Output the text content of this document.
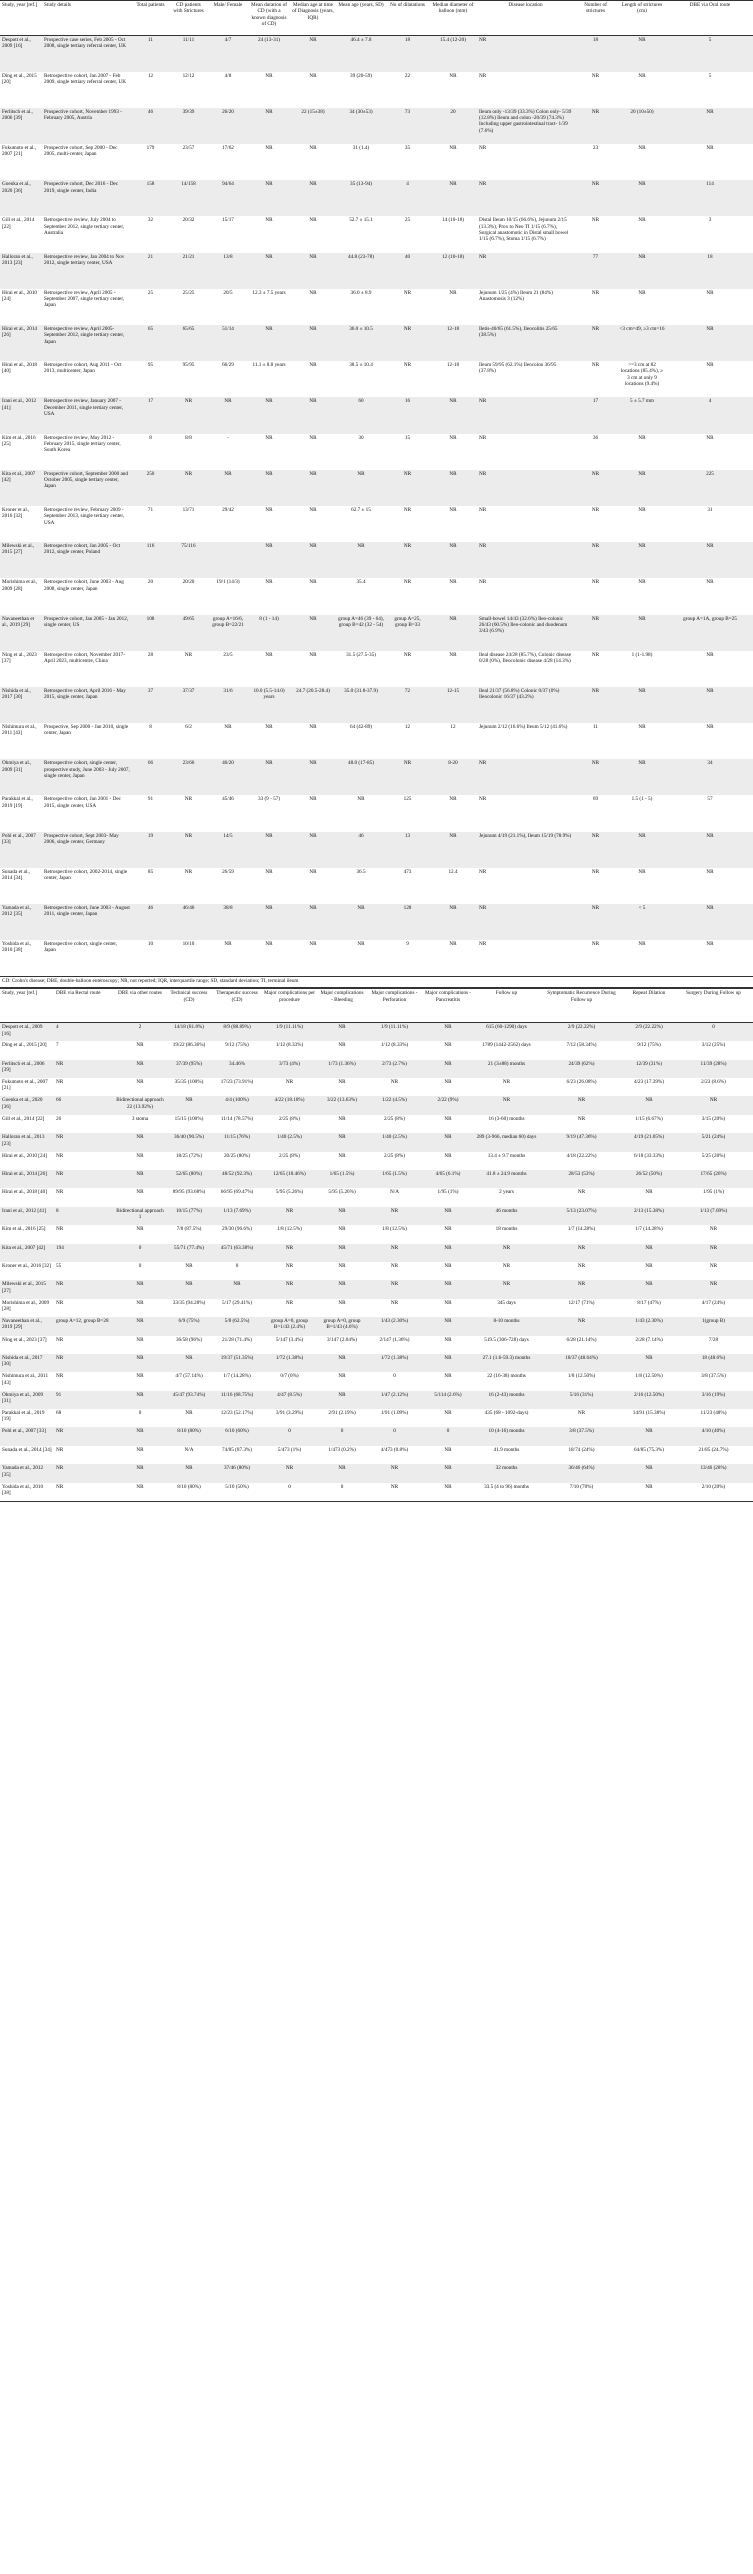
Study, year [ref.]	Study details	Total patients	CD patients with Strictures	Male/ Female	Mean duration of CD (with a known diagnosis of CD)	Median age at time of Diagnosis (years, IQR)	Mean age (years, SD)	No of dilatations	Median diameter of balloon (mm)	Disease location	Number of strictures	Length of strictures (cm)	DBE via Oral route
Despott et al., 2009 [16]	Prospective case series, Feb 2005 - Oct 2008, single tertiary referral center, UK	11	11/11	4/7	24 (13-31)	NR	46.4 ± 7.8	18	15.4 (12-20)	NR	18	NR	5
Ding et al., 2015 [20]	Retrospective cohort, Jan 2007 - Feb 2009, single tertiary referral center, UK	12	12/12	4/8	NR	NR	39 (20-59)	22	NR	NR	NR	NR	5
Ferlitsch et al., 2006 [39]	Prospective cohort, November 1993 - February 2005, Austria	46	39/39	26/20	NR	22 (15±38)	34 (30±53)	73	20	Ileum only -13/39 (33.3%) Colon only- 5/39 (12.8%) Ileum and colon -20/39 (74.3%) Including upper gastrointestinal tract- 1/39 (7.6%)	NR	20 (10±50)	NR
Fukumoto et al., 2007 [21]	Prospective cohort, Sep 2000 - Dec 2005, multi-center, Japan	179	23/57	17/62	NR	NR	31 (1.4)	35	NR	NR	23	NR	NR
Goenka et al., 2020 [36]	Prospective cohort, Dec 2016 - Dec 2019, single center, India	158	14/158	94/64	NR	NR	35 (13-94)	4	NR	NR	NR	NR	114
Gill et al., 2014 [22]	Retrospective review, July 2004 to September 2012, single tertiary center, Australia	32	20/32	15/17	NR	NR	52.7 ± 15.1	25	14 (10-18)	Distal Ileum 10/15 (66.6%), Jejunum 2/15 (13.3%), Prox to Neo TI 1/15 (6.7%), Surgical anastomotic in Distal small bowel 1/15 (6.7%), Stoma 1/15 (6.7%)	NR	NR	3
Halloran et al., 2013 [23]	Retrospective review, Jan 2004 to Nov 2012, single tertiary center, USA	21	21/21	13/8	NR	NR	44.8 (23-78)	40	12 (10-18)	NR	77	NR	18
Hirai et al., 2010 [24]	Retrospective review, April 2005 - September 2007, single tertiary center, Japan	25	25/25	20/5	12.3 ± 7.5 years	NR	36.0 ± 8.9	NR	NR	Jejunum 1/25 (4%) Ileum 21 (84%) Anastomosis 3 (12%)	NR	NR	NR
Hirai et al., 2014 [26]	Retrospective review, April 2005- September 2012, single tertiary center, Japan	65	65/65	51/14	NR	NR	36.0 ± 10.5	NR	12-18	Iletis-40/65 (61.5%), Ileocolitis 25/65 (38.5%)	NR	<3 cm=49, ≥3 cm=16	NR
Hirai et al., 2018 [40]	Retrospective cohort, Aug 2011 - Oct 2013, multicenter, Japan	95	95/95	66/29	11.1 ± 8.8 years	NR	38.5 ± 10.4	NR	12-18	Ileum 59/95 (62.1%) Ileocolon 36/95 (37.8%)	NR	>=3 cm at 82 locations (85.4%), ≥ 3 cm at only 9 locations (9.4%)	NR
Irani et al., 2012 [41]	Retrospective review, January 2007 - December 2011, single tertiary center, USA	17	NR	NR	NR	NR	60	16	NR	NR	17	5 ± 5.7 mm	4
Kim et al., 2016 [25]	Retrospective review, May 2012 - February 2015, single tertiary center, South Korea	8	8/8	-	NR	NR	30	15	NR	NR	36	NR	NR
Kita et al., 2007 [42]	Prospective cohort, September 2000 and October 2005, single tertiary center, Japan	250	NR	NR	NR	NR	NR	NR	NR	NR	NR	NR	225
Kroner et al., 2016 [32]	Retrospective review, February 2009 - September 2013, single tertiary center, USA	71	13/71	29/42	NR	NR	62.7 ± 15	NR	NR	NR	NR	NR	31
Milewski et al., 2015 [27]	Retrospective cohort, Jan 2005 - Oct 2012, single center, Poland	116	75/116		NR	NR	NR	NR	NR	NR	NR	NR	NR
Morishima et al., 2009 [28]	Retrospective cohort, June 2003 - Aug 2008, single center, Japan	20	20/20	19/1 (14/3)	NR	NR	35.4	NR	NR	NR	NR	NR	NR
Navaneethan et al., 2019 [29]	Prospective cohort, Jan 2005 - Jan 2012, single center, US	108	49/65	group A=16/6, group B=22/21	8 (1 - 14)	NR	group A=46 (39 - 64), group B=42 (32 - 54)	group A=25, group B=33	NR	Small-bowel 14/43 (32.6%) Ileo-colonic 26/43 (60.5%) Ileo-colonic and duodenum 3/43 (6.9%)	NR	NR	group A=1A, group B=25
Ning et al., 2023 [37]	Retrospective cohort, November 2017-April 2023, multicentre, China	28	NR	23/5	NR	NR	31.5 (27.5-35)	NR	NR	Ileal disease 24/28 (85.7%), Colonic disease 0/28 (0%), Ileocolonic disease 4/28 (14.3%)	NR	1 (1-1.98)	NR
Nishida et al., 2017 [30]	Retrospective cohort, April 2016 - May 2015, single center, Japan	37	37/37	31/6	10.0 (5.5-14.0) years	24.7 (20.5-28.4)	35.0 (31.8-37.9)	72	12-15	Ileal 21/37 (56.8%) Colonic 0/37 (0%) Ileocolonic 16/37 (43.2%)	NR	NR	NR
Nishimura et al., 2011 [43]	Prospective, Sep 2000 - Jan 2010, single center, Japan	8	6/2	NR	NR	NR	64 (42-89)	12	12	Jejunum 2/12 (16.6%) Ileum 5/12 (41.6%)	11	NR	NR
Ohmiya et al., 2009 [31]	Retrospective cohort, single center, prospective study, June 2003 - July 2007, single center, Japan	66	23/66	46/20	NR	NR	48.0 (17-85)	NR	8-20	NR	NR	NR	34
Parakkal et al., 2019 [19]	Retrospective cohort, Jan 2001 - Dec 2015, single center, USA	91	NR	45/46	33 (9 - 57)	NR	NR	125	NR	NR	69	1.5 (1 - 5)	57
Pohl et al., 2007 [33]	Prospective cohort, Sept 2003- May 2006, single center, Germany	19	NR	14/5	NR	NR	46	13	NR	Jejunum 4/19 (21.1%), Ileum 15/19 (78.9%)	NR	NR	NR
Sunada et al., 2014 [34]	Retrospective cohort, 2002-2014, single center, Japan	85	NR	26/59	NR	NR	36.5	473	12.4	NR	NR	NR	NR
Yamada et al., 2012 [35]	Retrospective cohort, June 2003 - August 2011, single center, Japan	46	46/46	38/8	NR	NR	NR	128	NR	NR	NR	< 5	NR
Yoshida et al., 2010 [38]	Retrospective cohort, single center, Japan	10	10/10	NR	NR	NR	NR	9	NR	NR	NR	NR	NR
CD: Crohn's disease; DBE, double-balloon enteroscopy; NR, not reported; IQR, interquartile range; SD, standard deviation; TI, terminal ileum
Study, year [ref.]	DBE via Rectal route	DBE via other routes	Technical success (CD)	Therapeutic success (CD)	Major complications per procedure	Major complications - Bleeding	Major complications - Perforation	Major complications - Pancreatitis	Follow up	Symptomatic Recurrence During Follow up	Repeat Dilation	Surgery During Follow up
Despott et al., 2009 [16]	4	2	14/18 (81.8%)	8/9 (88.89%)	1/9 (11.11%)	NR	1/9 (11.11%)	NR	615 (60-1290) days	2/9 (22.22%)	2/9 (22.22%)	0
Ding et al., 2015 [20]	7	NR	19/22 (86.36%)	9/12 (75%)	1/12 (8.33%)	NR	1/12 (8.33%)	NR	1789 (1442-2562) days	7/12 (58.34%)	9/12 (75%)	3/12 (25%)
Ferlitsch et al., 2006 [39]	NR	NR	37/39 (95%)	34.46%	3/73 (4%)	1/73 (1.36%)	2/73 (2.7%)	NR	21 (3±88) months	24/39 (62%)	12/39 (31%)	11/39 (28%)
Fukumoto et al., 2007 [21]	NR	NR	35/35 (100%)	17/23 (73.91%)	NR	NR	NR	NR	NR	6/23 (26.08%)	4/23 (17.39%)	2/23 (8.6%)
Goenka et al., 2020 [36]	66	Bidirectional approach 22 (13.92%)	NR	4/4 (100%)	4/22 (18.18%)	3/22 (13.63%)	1/22 (4.5%)	2/22 (9%)	NR	NR	NR	NR
Gill et al., 2014 [22]	26	3 stoma	15/15 (100%)	11/14 (78.57%)	2/25 (8%)	NR	2/25 (8%)	NR	16 (3-60) months	NR	1/15 (6.67%)	3/15 (20%)
Halloran et al., 2013 [23]	NR	NR	36/40 (90.5%)	11/15 (76%)	1/40 (2.5%)	NR	1/40 (2.5%)	NR	289 (3-966, median 60) days	9/19 (47.36%)	4/19 (21.05%)	5/21 (24%)
Hirai et al., 2010 [24]	NR	NR	18/25 (72%)	20/25 (80%)	2/25 (8%)	NR	2/25 (8%)	NR	13.4 ± 9.7 months	4/18 (22.22%)	6/18 (33.33%)	5/25 (20%)
Hirai et al., 2014 [26]	NR	NR	52/65 (80%)	48/52 (92.3%)	12/65 (18.46%)	1/65 (1.5%)	1/65 (1.5%)	4/65 (6.1%)	41.8 ± 24.9 months	28/53 (53%)	26/52 (50%)	17/65 (26%)
Hirai et al., 2018 [40]	NR	NR	89/95 (93.68%)	66/95 (69.47%)	5/95 (5.26%)	5/95 (5.26%)	N/A	1/95 (1%)	2 years	NR	NR	1/95 (1%)
Irani et al., 2012 [41]	8	Bidirectional approach 1	10/15 (77%)	1/13 (7.69%)	NR	NR	NR	NR	46 months	5/13 (23.07%)	2/13 (15.38%)	1/13 (7.69%)
Kim et al., 2016 [25]	NR	NR	7/8 (87.5%)	29/30 (96.6%)	1/8 (12.5%)	NR	1/8 (12.5%)	NR	18 months	1/7 (14.28%)	1/7 (14.28%)	NR
Kita et al., 2007 [42]	194	0	55/71 (77.4%)	45/71 (63.38%)	NR	NR	NR	NR	NR	NR	NR	NR
Kroner et al., 2016 [32]	55	0	NR	0	NR	NR	NR	NR	NR	NR	NR	NR
Milewski et al., 2015 [27]	NR	NR	NR	NR	NR	NR	NR	NR	NR	NR	NR	NR
Morishima et al., 2009 [28]	NR	NR	33/35 (94.28%)	5/17 (29.41%)	NR	NR	NR	NR	345 days	12/17 (71%)	8/17 (47%)	4/17 (24%)
Navaneethan et al., 2019 [29]	group A=12, group B=28	NR	6/9 (75%)	5/8 (62.5%)	group A=0, group B=1/43 (2.4%)	group A=0, group B=1/43 (4.6%)	1/43 (2.30%)	NR	8-10 months	NR	1/43 (2.30%)	1(group B)
Ning et al., 2023 [37]	NR	NR	36/58 (96%)	21/28 (71.4%)	5/147 (3.4%)	3/147 (2.04%)	2/147 (1.36%)	NR	519.5 (306-728) days	6/28 (21.14%)	2/28 (7.14%)	7/28
Nishida et al., 2017 [30]	NR	NR	NR	19/37 (51.35%)	1/72 (1.38%)	NR	1/72 (1.38%)	NR	27.1 (1.6-59.3) months	18/37 (48.64%)	NR	18 (48.6%)
Nishimura et al., 2011 [43]	NR	NR	4/7 (57.14%)	1/7 (14.28%)	0/7 (0%)	NR	0	NR	22 (16-38) months	1/8 (12.50%)	1/8 (12.50%)	3/8 (37.5%)
Ohmiya et al., 2009 [31]	91	NR	45/47 (93.74%)	11/16 (68.75%)	4/47 (8.5%)	NR	1/47 (2.12%)	5/114 (2.6%)	16 (2-43) months	5/16 (31%)	2/16 (12.50%)	3/16 (19%)
Parakkal et al., 2019 [19]	68	0	NR	12/23 (52.17%)	3/91 (3.29%)	2/91 (2.19%)	1/91 (1.09%)	NR	435 (68 - 1092-days)	NR	14/91 (15.38%)	11/23 (48%)
Pohl et al., 2007 [33]	NR	NR	8/10 (80%)	6/10 (60%)	0	0	0	0	10 (4-16) months	3/8 (37.5%)	NR	4/10 (40%)
Sunada et al., 2014 [34]	NR	NR	N/A	74/85 (87.3%)	5/473 (1%)	1/473 (0.2%)	4/473 (0.8%)	NR	41.9 months	18/74 (24%)	64/85 (75.3%)	21/85 (24.7%)
Yamada et al., 2012 [35]	NR	NR	NR	37/46 (80%)	NR	NR	NR	NR	32 months	36/46 (64%)	NR	13/46 (28%)
Yoshida et al., 2010 [38]	NR	NR	8/10 (80%)	5/10 (50%)	0	0	NR	NR	33.5 (4 to 96) months	7/10 (70%)	NR	2/10 (20%)
